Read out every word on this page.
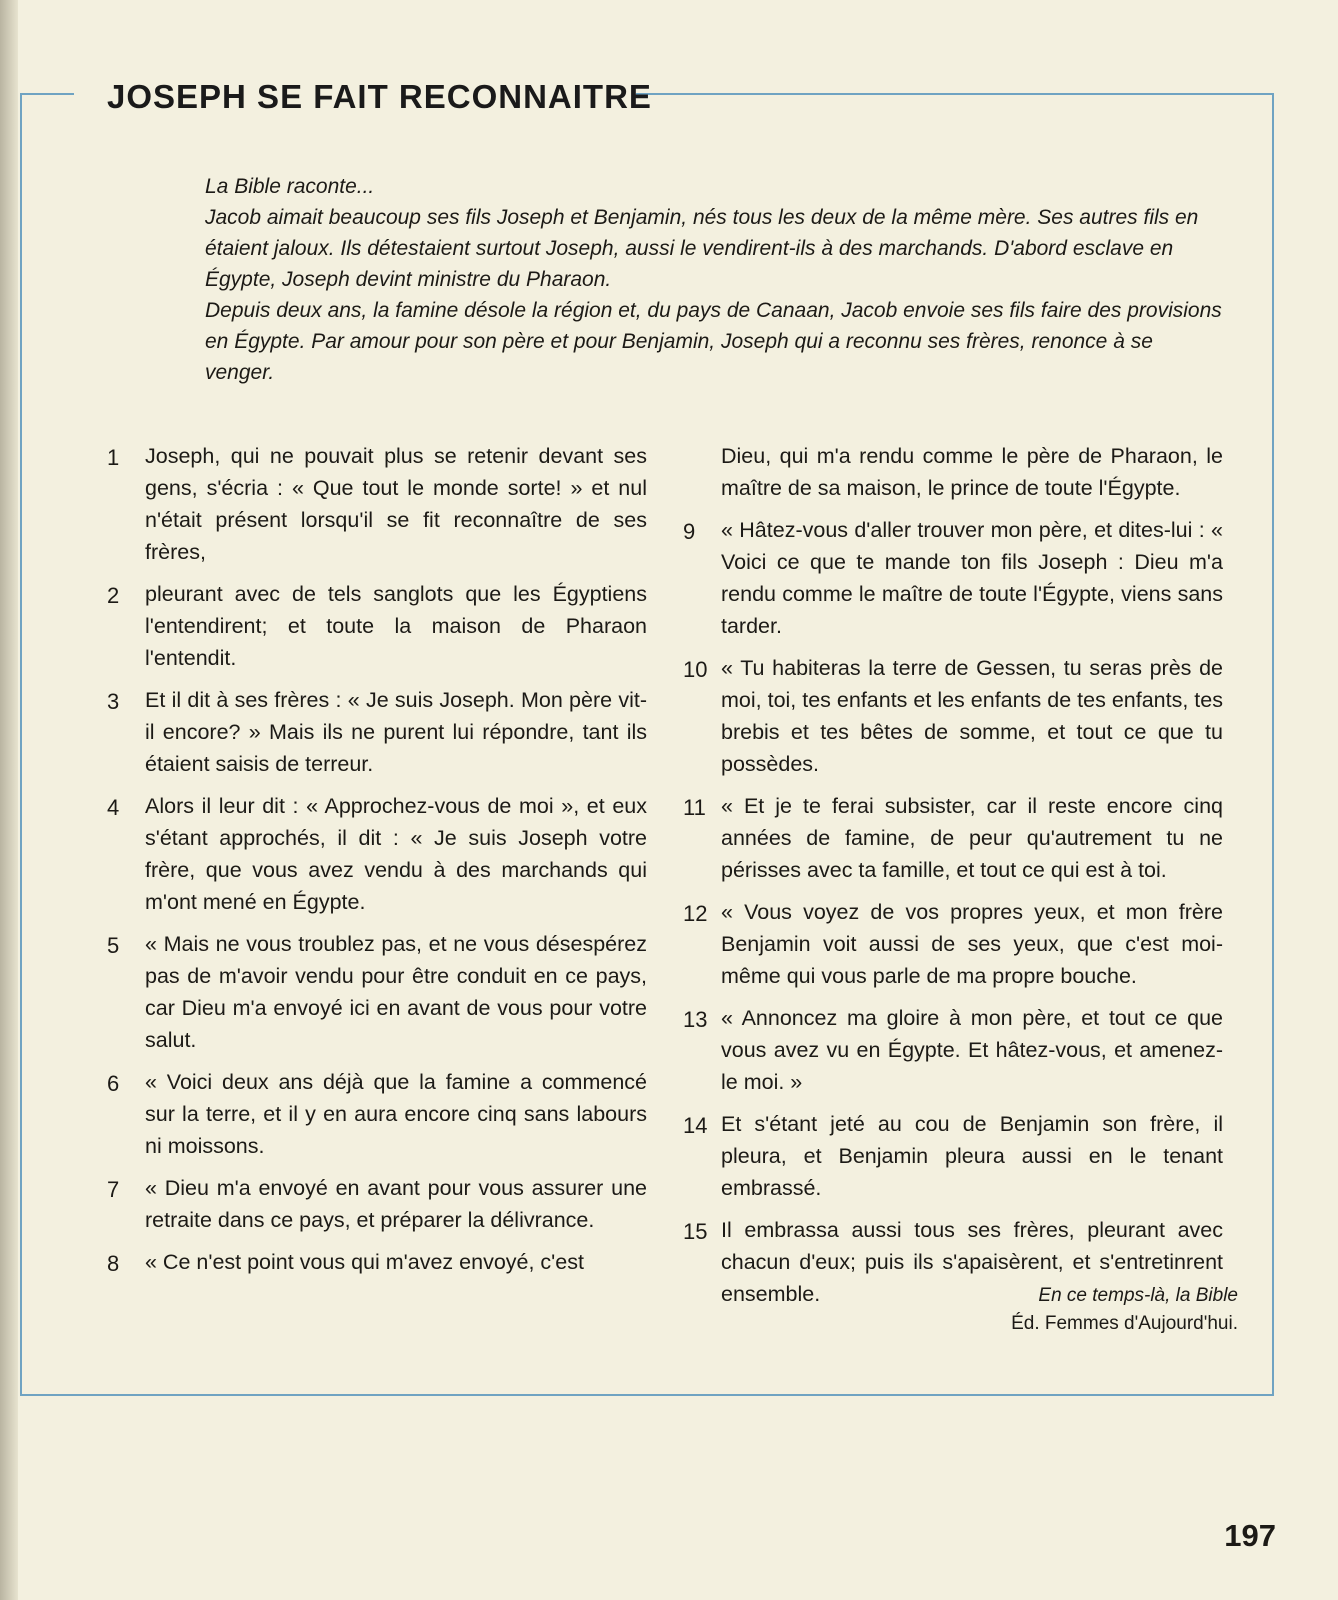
JOSEPH SE FAIT RECONNAITRE

La Bible raconte...

Jacob aimait beaucoup ses fils Joseph et Benjamin, nés tous les deux de la même mère. Ses autres fils en étaient jaloux. Ils détestaient surtout Joseph, aussi le vendirent-ils à des marchands. D'abord esclave en Égypte, Joseph devint ministre du Pharaon.

Depuis deux ans, la famine désole la région et, du pays de Canaan, Jacob envoie ses fils faire des provisions en Égypte. Par amour pour son père et pour Benjamin, Joseph qui a reconnu ses frères, renonce à se venger.

1 Joseph, qui ne pouvait plus se retenir devant ses gens, s'écria : « Que tout le monde sorte! » et nul n'était présent lorsqu'il se fit reconnaître de ses frères,
2 pleurant avec de tels sanglots que les Égyptiens l'entendirent; et toute la maison de Pharaon l'entendit.
3 Et il dit à ses frères : « Je suis Joseph. Mon père vit-il encore? » Mais ils ne purent lui répondre, tant ils étaient saisis de terreur.
4 Alors il leur dit : « Approchez-vous de moi », et eux s'étant approchés, il dit : « Je suis Joseph votre frère, que vous avez vendu à des marchands qui m'ont mené en Égypte.
5 « Mais ne vous troublez pas, et ne vous désespérez pas de m'avoir vendu pour être conduit en ce pays, car Dieu m'a envoyé ici en avant de vous pour votre salut.
6 « Voici deux ans déjà que la famine a commencé sur la terre, et il y en aura encore cinq sans labours ni moissons.
7 « Dieu m'a envoyé en avant pour vous assurer une retraite dans ce pays, et préparer la délivrance.
8 « Ce n'est point vous qui m'avez envoyé, c'est
Dieu, qui m'a rendu comme le père de Pharaon, le maître de sa maison, le prince de toute l'Égypte.
9 « Hâtez-vous d'aller trouver mon père, et dites-lui : « Voici ce que te mande ton fils Joseph : Dieu m'a rendu comme le maître de toute l'Égypte, viens sans tarder.
10 « Tu habiteras la terre de Gessen, tu seras près de moi, toi, tes enfants et les enfants de tes enfants, tes brebis et tes bêtes de somme, et tout ce que tu possèdes.
11 « Et je te ferai subsister, car il reste encore cinq années de famine, de peur qu'autrement tu ne périsses avec ta famille, et tout ce qui est à toi.
12 « Vous voyez de vos propres yeux, et mon frère Benjamin voit aussi de ses yeux, que c'est moi-même qui vous parle de ma propre bouche.
13 « Annoncez ma gloire à mon père, et tout ce que vous avez vu en Égypte. Et hâtez-vous, et amenez-le moi. »
14 Et s'étant jeté au cou de Benjamin son frère, il pleura, et Benjamin pleura aussi en le tenant embrassé.
15 Il embrassa aussi tous ses frères, pleurant avec chacun d'eux; puis ils s'apaisèrent, et s'entretinrent ensemble.	En ce temps-là, la Bible
Éd. Femmes d'Aujourd'hui.
197
